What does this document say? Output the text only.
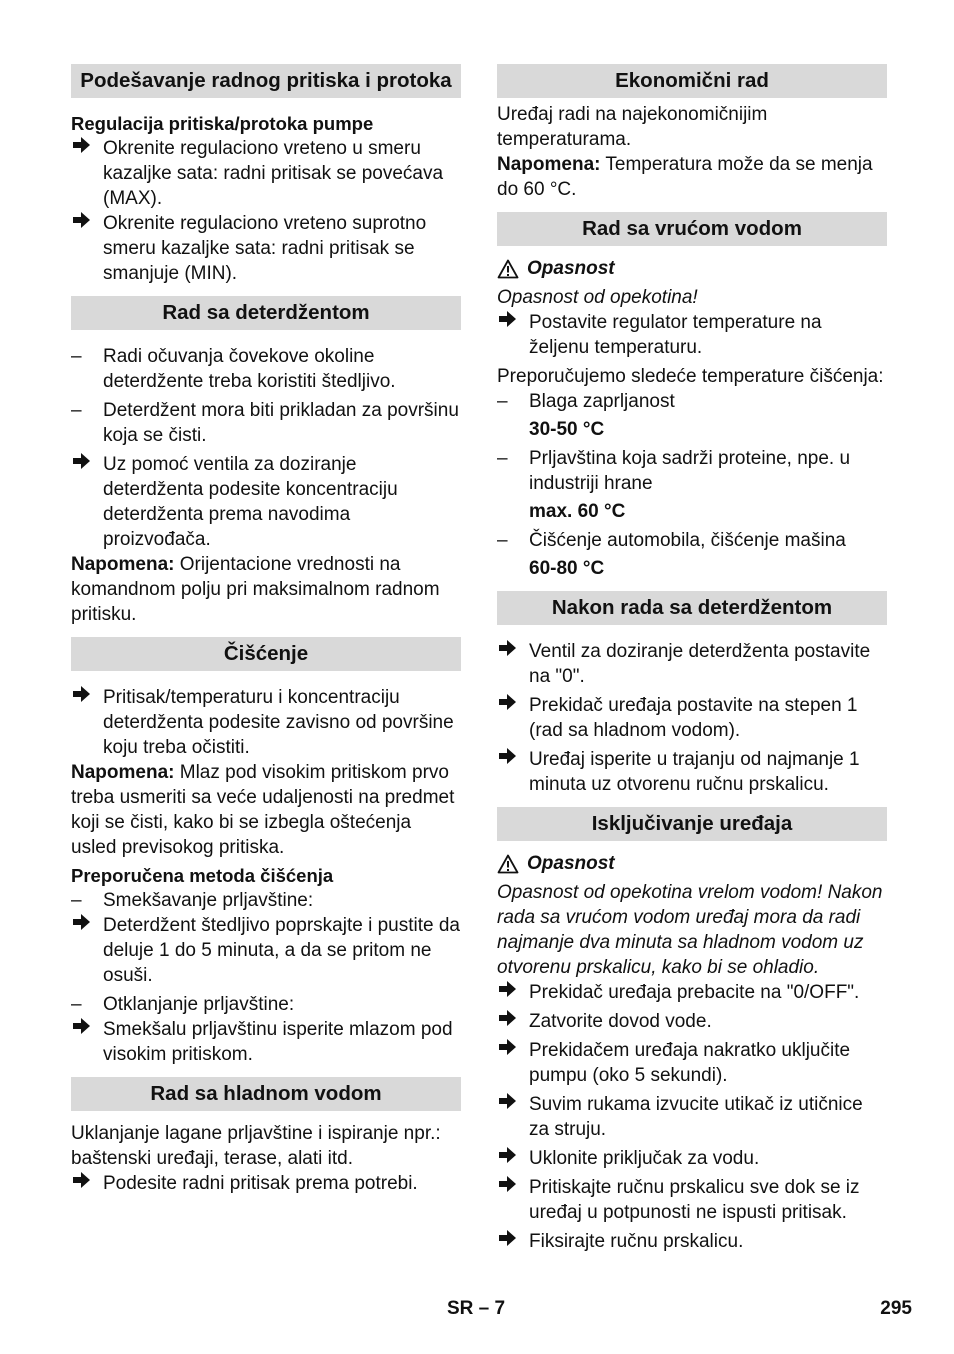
Podešavanje radnog pritiska i protoka
Regulacija pritiska/protoka pumpe
Okrenite regulaciono vreteno u smeru kazaljke sata: radni pritisak se povećava (MAX).
Okrenite regulaciono vreteno suprotno smeru kazaljke sata: radni pritisak se smanjuje (MIN).
Rad sa deterdžentom
–	Radi očuvanja čovekove okoline deterdžente treba koristiti štedljivo.
–	Deterdžent mora biti prikladan za površinu koja se čisti.
Uz pomoć ventila za doziranje deterdženta podesite koncentraciju deterdženta prema navodima proizvođača.
Napomena: Orijentacione vrednosti na komandnom polju pri maksimalnom radnom pritisku.
Čišćenje
Pritisak/temperaturu i koncentraciju deterdženta podesite zavisno od površine koju treba očistiti.
Napomena: Mlaz pod visokim pritiskom prvo treba usmeriti sa veće udaljenosti na predmet koji se čisti, kako bi se izbegla oštećenja usled previsokog pritiska.
Preporučena metoda čišćenja
–	Smekšavanje prljavštine:
Deterdžent štedljivo poprskajte i pustite da deluje 1 do 5 minuta, a da se pritom ne osuši.
–	Otklanjanje prljavštine:
Smekšalu prljavštinu isperite mlazom pod visokim pritiskom.
Rad sa hladnom vodom
Uklanjanje lagane prljavštine i ispiranje npr.: baštenski uređaji, terase, alati itd.
Podesite radni pritisak prema potrebi.
Ekonomični rad
Uređaj radi na najekonomičnijim temperaturama.
Napomena: Temperatura može da se menja do 60 °C.
Rad sa vrućom vodom
Opasnost
Opasnost od opekotina!
Postavite regulator temperature na željenu temperaturu.
Preporučujemo sledeće temperature čišćenja:
–	Blaga zaprljanost
30-50 °C
–	Prljavština koja sadrži proteine, npe. u industriji hrane
max. 60 °C
–	Čišćenje automobila, čišćenje mašina
60-80 °C
Nakon rada sa deterdžentom
Ventil za doziranje deterdženta postavite na "0".
Prekidač uređaja postavite na stepen 1 (rad sa hladnom vodom).
Uređaj isperite u trajanju od najmanje 1 minuta uz otvorenu ručnu prskalicu.
Isključivanje uređaja
Opasnost
Opasnost od opekotina vrelom vodom! Nakon rada sa vrućom vodom uređaj mora da radi najmanje dva minuta sa hladnom vodom uz otvorenu prskalicu, kako bi se ohladio.
Prekidač uređaja prebacite na "0/OFF".
Zatvorite dovod vode.
Prekidačem uređaja nakratko uključite pumpu (oko 5 sekundi).
Suvim rukama izvucite utikač iz utičnice za struju.
Uklonite priključak za vodu.
Pritiskajte ručnu prskalicu sve dok se iz uređaj u potpunosti ne ispusti pritisak.
Fiksirajte ručnu prskalicu.
SR – 7	295
